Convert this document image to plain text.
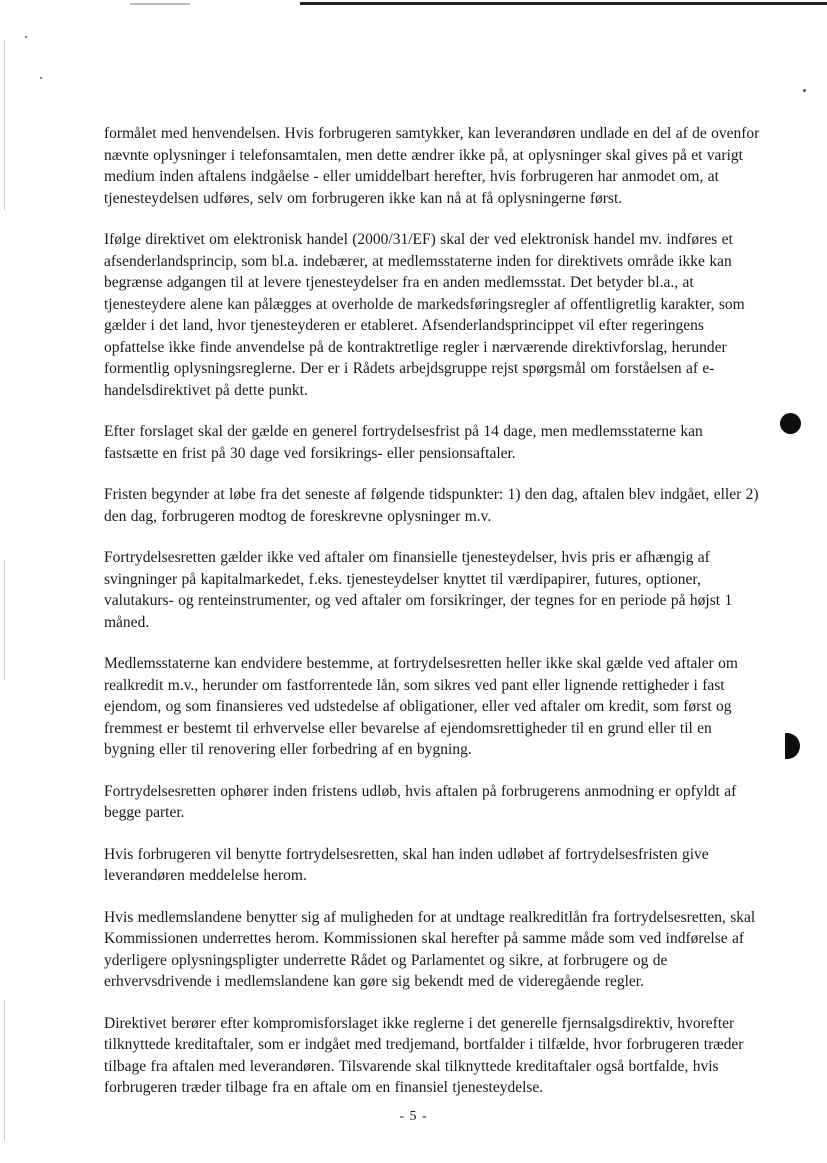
formålet med henvendelsen. Hvis forbrugeren samtykker, kan leverandøren undlade en del af de ovenfor nævnte oplysninger i telefonsamtalen, men dette ændrer ikke på, at oplysninger skal gives på et varigt medium inden aftalens indgåelse - eller umiddelbart herefter, hvis forbrugeren har anmodet om, at tjenesteydelsen udføres, selv om forbrugeren ikke kan nå at få oplysningerne først.

Ifølge direktivet om elektronisk handel (2000/31/EF) skal der ved elektronisk handel mv. indføres et afsenderlandsprincip, som bl.a. indebærer, at medlemsstaterne inden for direktivets område ikke kan begrænse adgangen til at levere tjenesteydelser fra en anden medlemsstat. Det betyder bl.a., at tjenesteydere alene kan pålægges at overholde de markedsføringsregler af offentligretlig karakter, som gælder i det land, hvor tjenesteyderen er etableret. Afsenderlandsprincippet vil efter regeringens opfattelse ikke finde anvendelse på de kontraktretlige regler i nærværende direktivforslag, herunder formentlig oplysningsreglerne. Der er i Rådets arbejdsgruppe rejst spørgsmål om forståelsen af e-handelsdirektivet på dette punkt.

Efter forslaget skal der gælde en generel fortrydelsesfrist på 14 dage, men medlemsstaterne kan fastsætte en frist på 30 dage ved forsikrings- eller pensionsaftaler.

Fristen begynder at løbe fra det seneste af følgende tidspunkter: 1) den dag, aftalen blev indgået, eller 2) den dag, forbrugeren modtog de foreskrevne oplysninger m.v.

Fortrydelsesretten gælder ikke ved aftaler om finansielle tjenesteydelser, hvis pris er afhængig af svingninger på kapitalmarkedet, f.eks. tjenesteydelser knyttet til værdipapirer, futures, optioner, valutakurs- og renteinstrumenter, og ved aftaler om forsikringer, der tegnes for en periode på højst 1 måned.

Medlemsstaterne kan endvidere bestemme, at fortrydelsesretten heller ikke skal gælde ved aftaler om realkredit m.v., herunder om fastforrentede lån, som sikres ved pant eller lignende rettigheder i fast ejendom, og som finansieres ved udstedelse af obligationer, eller ved aftaler om kredit, som først og fremmest er bestemt til erhvervelse eller bevarelse af ejendomsrettigheder til en grund eller til en bygning eller til renovering eller forbedring af en bygning.

Fortrydelsesretten ophører inden fristens udløb, hvis aftalen på forbrugerens anmodning er opfyldt af begge parter.

Hvis forbrugeren vil benytte fortrydelsesretten, skal han inden udløbet af fortrydelsesfristen give leverandøren meddelelse herom.

Hvis medlemslandene benytter sig af muligheden for at undtage realkreditlån fra fortrydelsesretten, skal Kommissionen underrettes herom. Kommissionen skal herefter på samme måde som ved indførelse af yderligere oplysningspligter underrette Rådet og Parlamentet og sikre, at forbrugere og de erhvervsdrivende i medlemslandene kan gøre sig bekendt med de videregående regler.

Direktivet berører efter kompromisforslaget ikke reglerne i det generelle fjernsalgsdirektiv, hvorefter tilknyttede kreditaftaler, som er indgået med tredjemand, bortfalder i tilfælde, hvor forbrugeren træder tilbage fra aftalen med leverandøren. Tilsvarende skal tilknyttede kreditaftaler også bortfalde, hvis forbrugeren træder tilbage fra en aftale om en finansiel tjenesteydelse.

- 5 -
